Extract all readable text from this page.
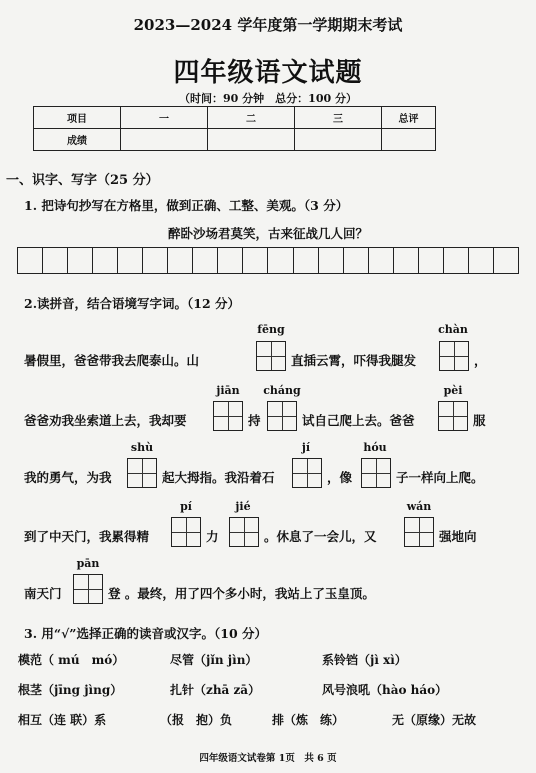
2023—2024 学年度第一学期期末考试
四年级语文试题
（时间：90 分钟　总分：100 分）
项目	一	二	三	总评
成绩				
一、识字、写字（25 分）
1. 把诗句抄写在方格里，做到正确、工整、美观。（3 分）
醉卧沙场君莫笑，古来征战几人回？
2.读拼音，结合语境写字词。（12 分）
fēng	chàn
暑假里，爸爸带我去爬泰山。山	直插云霄，吓得我腿发	，
jiān	cháng	pèi
爸爸劝我坐索道上去，我却要	持	试自己爬上去。爸爸	服
shù	jí	hóu
我的勇气，为我	起大拇指。我沿着石	，像	子一样向上爬。
pí	jié	wán
到了中天门，我累得精	力	。休息了一会儿，又	强地向
pān
南天门	登 。最终，用了四个多小时，我站上了玉皇顶。
3. 用“√”选择正确的读音或汉字。（10 分）
模范（ mú　mó）	尽管（jǐn jìn）	系铃铛（jì xì）
根茎（jīng jìng）	扎针（zhā zā）	风号浪吼（hào háo）
相互（连 联）系	（报　抱）负	排（炼　练）	无（原缘）无故
四年级语文试卷第 1页　共 6 页
